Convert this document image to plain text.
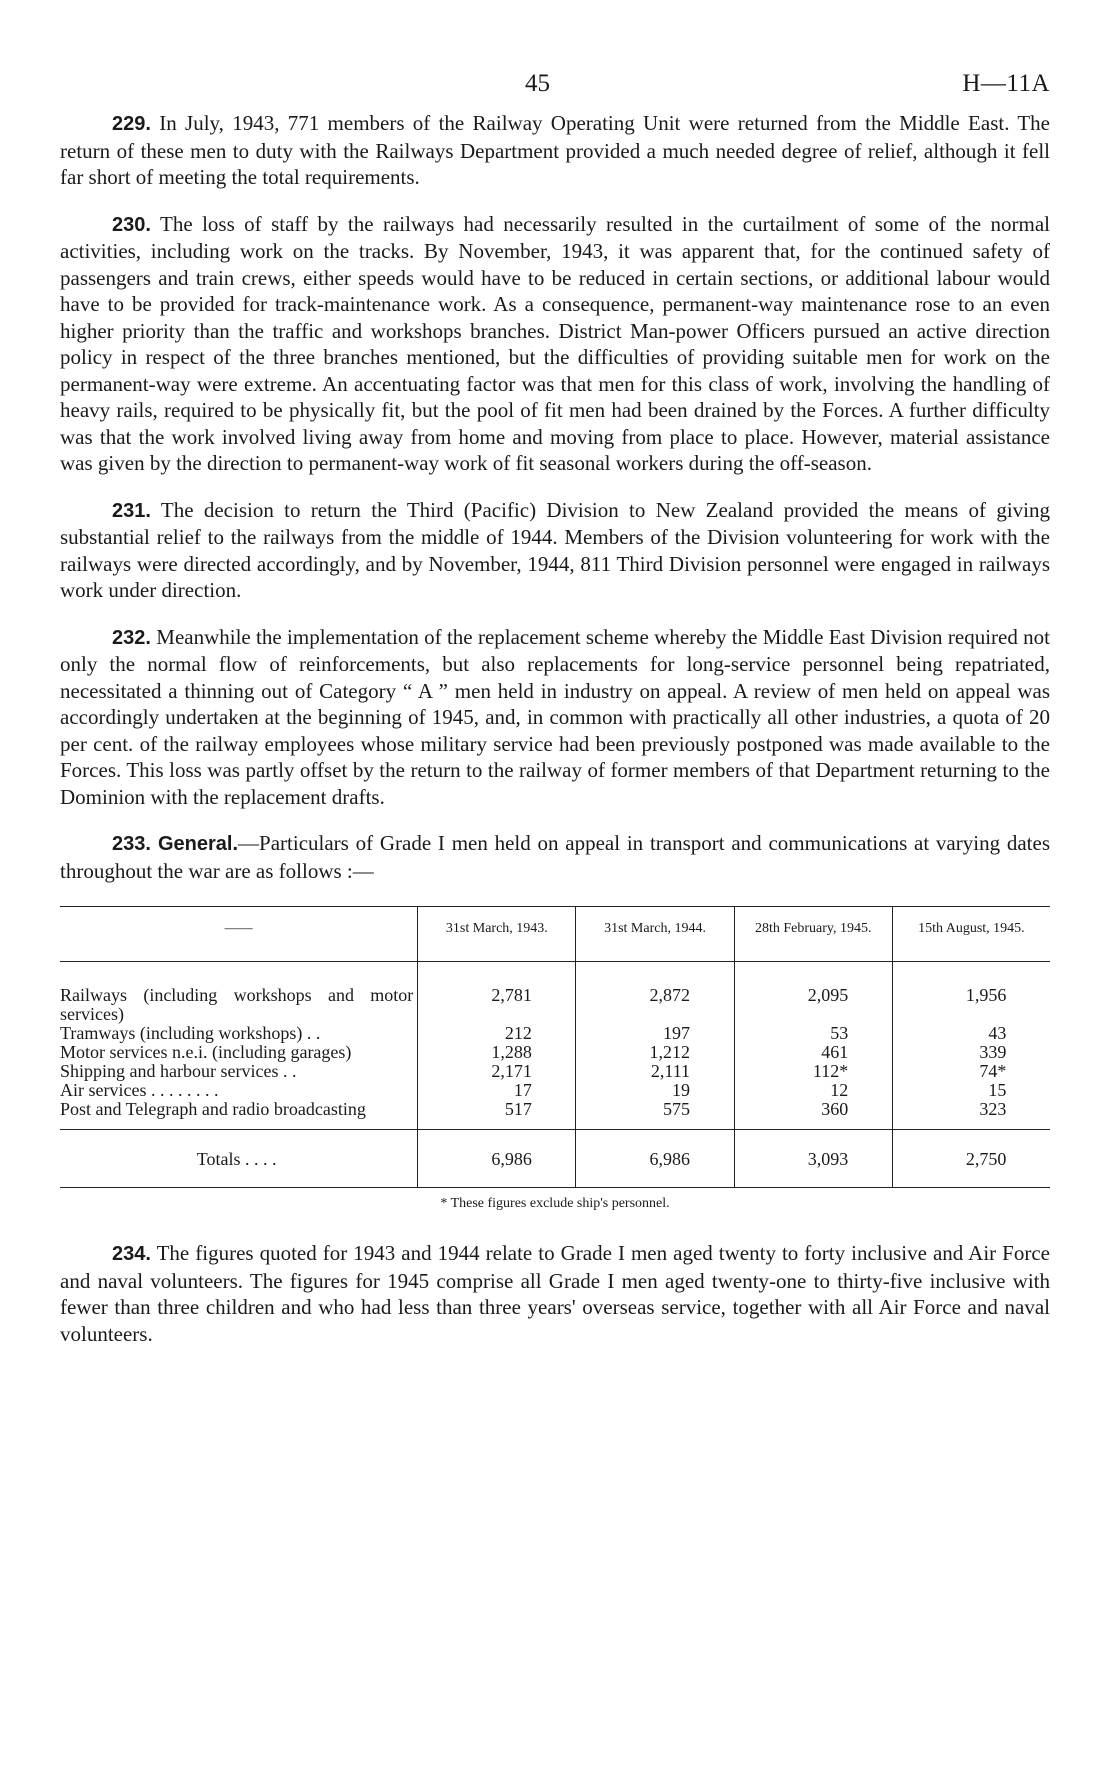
45	H—11A

229. In July, 1943, 771 members of the Railway Operating Unit were returned from the Middle East. The return of these men to duty with the Railways Department provided a much needed degree of relief, although it fell far short of meeting the total requirements.

230. The loss of staff by the railways had necessarily resulted in the curtailment of some of the normal activities, including work on the tracks. By November, 1943, it was apparent that, for the continued safety of passengers and train crews, either speeds would have to be reduced in certain sections, or additional labour would have to be provided for track-maintenance work. As a consequence, permanent-way maintenance rose to an even higher priority than the traffic and workshops branches. District Man-power Officers pursued an active direction policy in respect of the three branches mentioned, but the difficulties of providing suitable men for work on the permanent-way were extreme. An accentuating factor was that men for this class of work, involving the handling of heavy rails, required to be physically fit, but the pool of fit men had been drained by the Forces. A further difficulty was that the work involved living away from home and moving from place to place. However, material assistance was given by the direction to permanent-way work of fit seasonal workers during the off-season.

231. The decision to return the Third (Pacific) Division to New Zealand provided the means of giving substantial relief to the railways from the middle of 1944. Members of the Division volunteering for work with the railways were directed accordingly, and by November, 1944, 811 Third Division personnel were engaged in railways work under direction.

232. Meanwhile the implementation of the replacement scheme whereby the Middle East Division required not only the normal flow of reinforcements, but also replacements for long-service personnel being repatriated, necessitated a thinning out of Category “ A ” men held in industry on appeal. A review of men held on appeal was accordingly undertaken at the beginning of 1945, and, in common with practically all other industries, a quota of 20 per cent. of the railway employees whose military service had been previously postponed was made available to the Forces. This loss was partly offset by the return to the railway of former members of that Department returning to the Dominion with the replacement drafts.

233. General.—Particulars of Grade I men held on appeal in transport and communications at varying dates throughout the war are as follows :—

——	31st March, 1943.	31st March, 1944.	28th February, 1945.	15th August, 1945.

Railways (including workshops and motor services)	2,781	2,872	2,095	1,956
Tramways (including workshops) . .	212	197	53	43
Motor services n.e.i. (including garages)	1,288	1,212	461	339
Shipping and harbour services . .	2,171	2,111	112*	74*
Air services . . . . . . . .	17	19	12	15
Post and Telegraph and radio broadcasting	517	575	360	323
Totals . . . .	6,986	6,986	3,093	2,750
* These figures exclude ship's personnel.

234. The figures quoted for 1943 and 1944 relate to Grade I men aged twenty to forty inclusive and Air Force and naval volunteers. The figures for 1945 comprise all Grade I men aged twenty-one to thirty-five inclusive with fewer than three children and who had less than three years' overseas service, together with all Air Force and naval volunteers.
